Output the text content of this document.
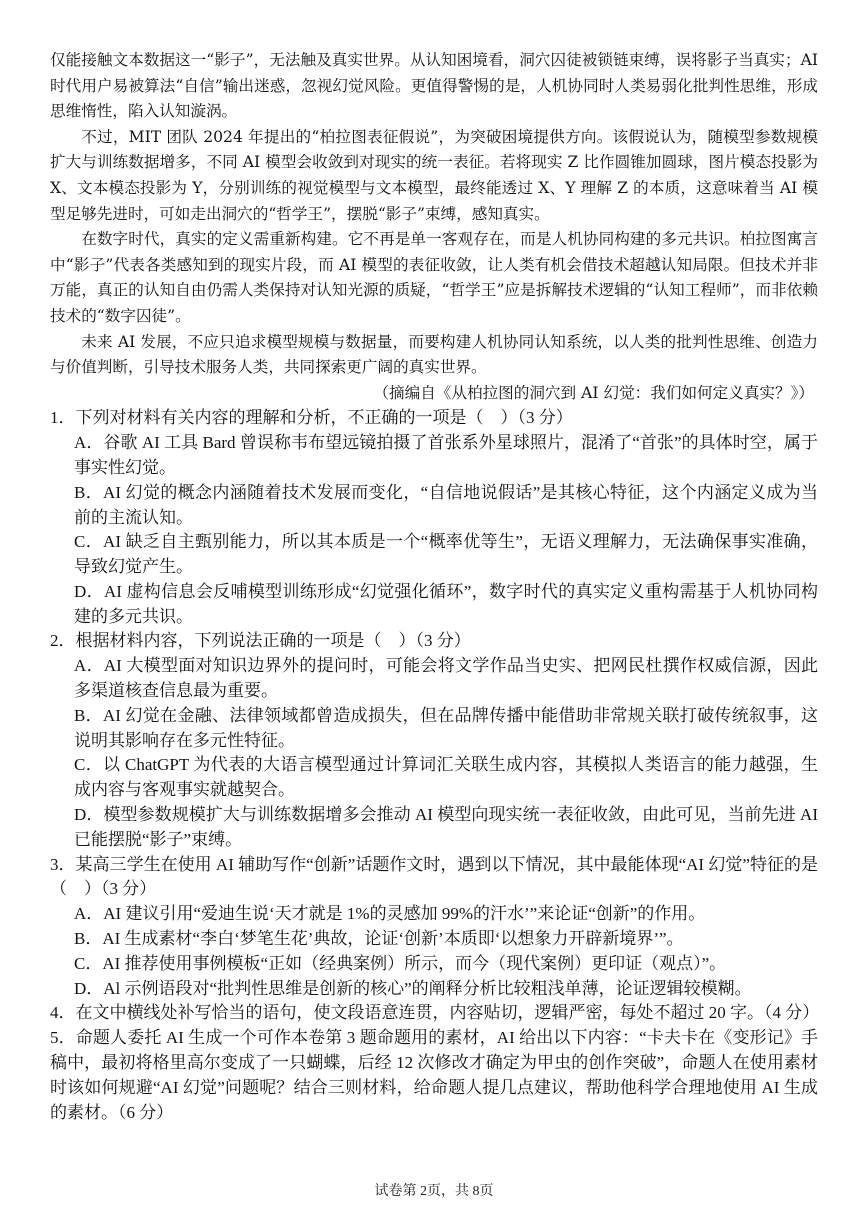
仅能接触文本数据这一“影子”，无法触及真实世界。从认知困境看，洞穴囚徒被锁链束缚，误将影子当真实；AI 时代用户易被算法“自信”输出迷惑，忽视幻觉风险。更值得警惕的是，人机协同时人类易弱化批判性思维，形成思维惰性，陷入认知漩涡。

不过，MIT 团队 2024 年提出的“柏拉图表征假说”，为突破困境提供方向。该假说认为，随模型参数规模扩大与训练数据增多，不同 AI 模型会收敛到对现实的统一表征。若将现实 Z 比作圆锥加圆球，图片模态投影为 X、文本模态投影为 Y，分别训练的视觉模型与文本模型，最终能透过 X、Y 理解 Z 的本质，这意味着当 AI 模型足够先进时，可如走出洞穴的“哲学王”，摆脱“影子”束缚，感知真实。

在数字时代，真实的定义需重新构建。它不再是单一客观存在，而是人机协同构建的多元共识。柏拉图寓言中“影子”代表各类感知到的现实片段，而 AI 模型的表征收敛，让人类有机会借技术超越认知局限。但技术并非万能，真正的认知自由仍需人类保持对认知光源的质疑，“哲学王”应是拆解技术逻辑的“认知工程师”，而非依赖技术的“数字囚徒”。

未来 AI 发展，不应只追求模型规模与数据量，而要构建人机协同认知系统，以人类的批判性思维、创造力与价值判断，引导技术服务人类，共同探索更广阔的真实世界。

（摘编自《从柏拉图的洞穴到 AI 幻觉：我们如何定义真实？》）

1．下列对材料有关内容的理解和分析，不正确的一项是（　）（3 分）

A．谷歌 AI 工具 Bard 曾误称韦布望远镜拍摄了首张系外星球照片，混淆了“首张”的具体时空，属于事实性幻觉。

B．AI 幻觉的概念内涵随着技术发展而变化，“自信地说假话”是其核心特征，这个内涵定义成为当前的主流认知。

C．AI 缺乏自主甄别能力，所以其本质是一个“概率优等生”，无语义理解力，无法确保事实准确，导致幻觉产生。

D．AI 虚构信息会反哺模型训练形成“幻觉强化循环”，数字时代的真实定义重构需基于人机协同构建的多元共识。

2．根据材料内容，下列说法正确的一项是（　）（3 分）

A．AI 大模型面对知识边界外的提问时，可能会将文学作品当史实、把网民杜撰作权威信源，因此多渠道核查信息最为重要。

B．AI 幻觉在金融、法律领域都曾造成损失，但在品牌传播中能借助非常规关联打破传统叙事，这说明其影响存在多元性特征。

C．以 ChatGPT 为代表的大语言模型通过计算词汇关联生成内容，其模拟人类语言的能力越强，生成内容与客观事实就越契合。

D．模型参数规模扩大与训练数据增多会推动 AI 模型向现实统一表征收敛，由此可见，当前先进 AI 已能摆脱“影子”束缚。

3．某高三学生在使用 AI 辅助写作“创新”话题作文时，遇到以下情况，其中最能体现“AI 幻觉”特征的是（　）（3 分）

A．AI 建议引用“爱迪生说‘天才就是 1%的灵感加 99%的汗水’”来论证“创新”的作用。

B．AI 生成素材“李白‘梦笔生花’典故，论证‘创新’本质即‘以想象力开辟新境界’”。

C．AI 推荐使用事例模板“正如（经典案例）所示，而今（现代案例）更印证（观点）”。

D．Al 示例语段对“批判性思维是创新的核心”的阐释分析比较粗浅单薄，论证逻辑较模糊。

4．在文中横线处补写恰当的语句，使文段语意连贯，内容贴切，逻辑严密，每处不超过 20 字。（4 分）

5．命题人委托 AI 生成一个可作本卷第 3 题命题用的素材，AI 给出以下内容：“卡夫卡在《变形记》手稿中，最初将格里高尔变成了一只蝴蝶，后经 12 次修改才确定为甲虫的创作突破”，命题人在使用素材时该如何规避“AI 幻觉”问题呢？结合三则材料，给命题人提几点建议，帮助他科学合理地使用 AI 生成的素材。（6 分）

试卷第 2页，共 8页
